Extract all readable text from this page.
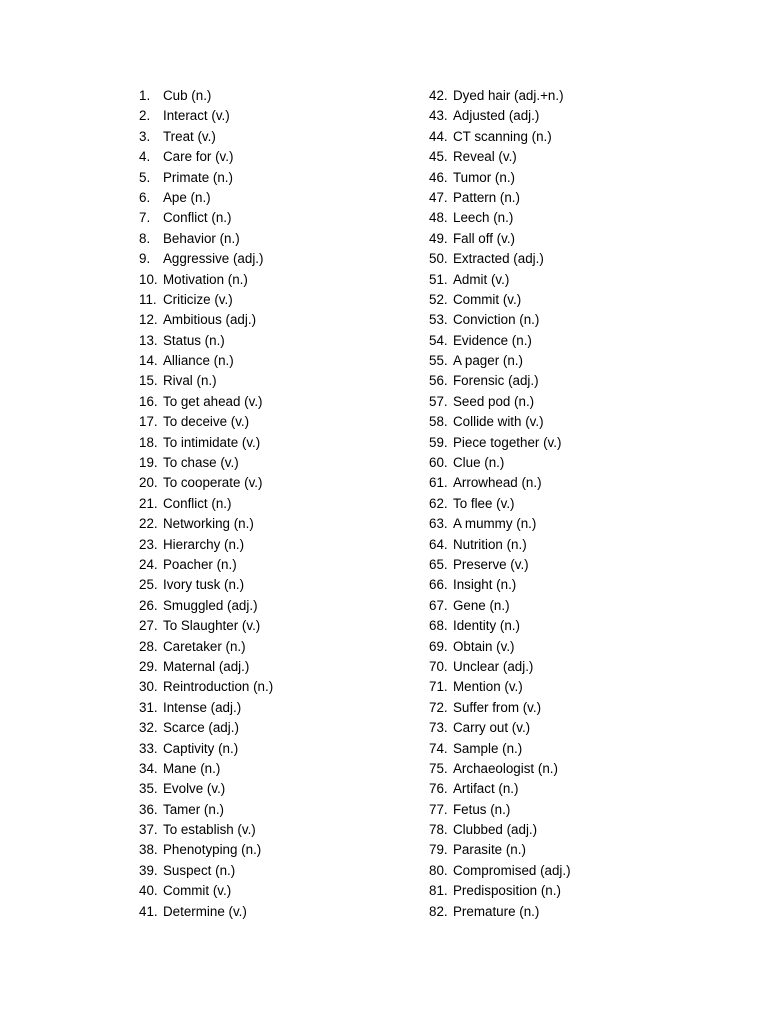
1. Cub (n.)
2. Interact (v.)
3. Treat (v.)
4. Care for (v.)
5. Primate (n.)
6. Ape (n.)
7. Conflict (n.)
8. Behavior (n.)
9. Aggressive (adj.)
10. Motivation (n.)
11. Criticize (v.)
12. Ambitious (adj.)
13. Status (n.)
14. Alliance (n.)
15. Rival (n.)
16. To get ahead (v.)
17. To deceive (v.)
18. To intimidate (v.)
19. To chase (v.)
20. To cooperate (v.)
21. Conflict (n.)
22. Networking (n.)
23. Hierarchy (n.)
24. Poacher (n.)
25. Ivory tusk (n.)
26. Smuggled (adj.)
27. To Slaughter (v.)
28. Caretaker (n.)
29. Maternal (adj.)
30. Reintroduction (n.)
31. Intense (adj.)
32. Scarce (adj.)
33. Captivity (n.)
34. Mane (n.)
35. Evolve (v.)
36. Tamer (n.)
37. To establish (v.)
38. Phenotyping (n.)
39. Suspect (n.)
40. Commit (v.)
41. Determine (v.)
42. Dyed hair (adj.+n.)
43. Adjusted (adj.)
44. CT scanning (n.)
45. Reveal (v.)
46. Tumor (n.)
47. Pattern (n.)
48. Leech (n.)
49. Fall off (v.)
50. Extracted (adj.)
51. Admit (v.)
52. Commit (v.)
53. Conviction (n.)
54. Evidence (n.)
55. A pager (n.)
56. Forensic (adj.)
57. Seed pod (n.)
58. Collide with (v.)
59. Piece together (v.)
60. Clue (n.)
61. Arrowhead (n.)
62. To flee (v.)
63. A mummy (n.)
64. Nutrition (n.)
65. Preserve (v.)
66. Insight (n.)
67. Gene (n.)
68. Identity (n.)
69. Obtain (v.)
70. Unclear (adj.)
71. Mention (v.)
72. Suffer from (v.)
73. Carry out (v.)
74. Sample (n.)
75. Archaeologist (n.)
76. Artifact (n.)
77. Fetus (n.)
78. Clubbed (adj.)
79. Parasite (n.)
80. Compromised (adj.)
81. Predisposition (n.)
82. Premature (n.)
